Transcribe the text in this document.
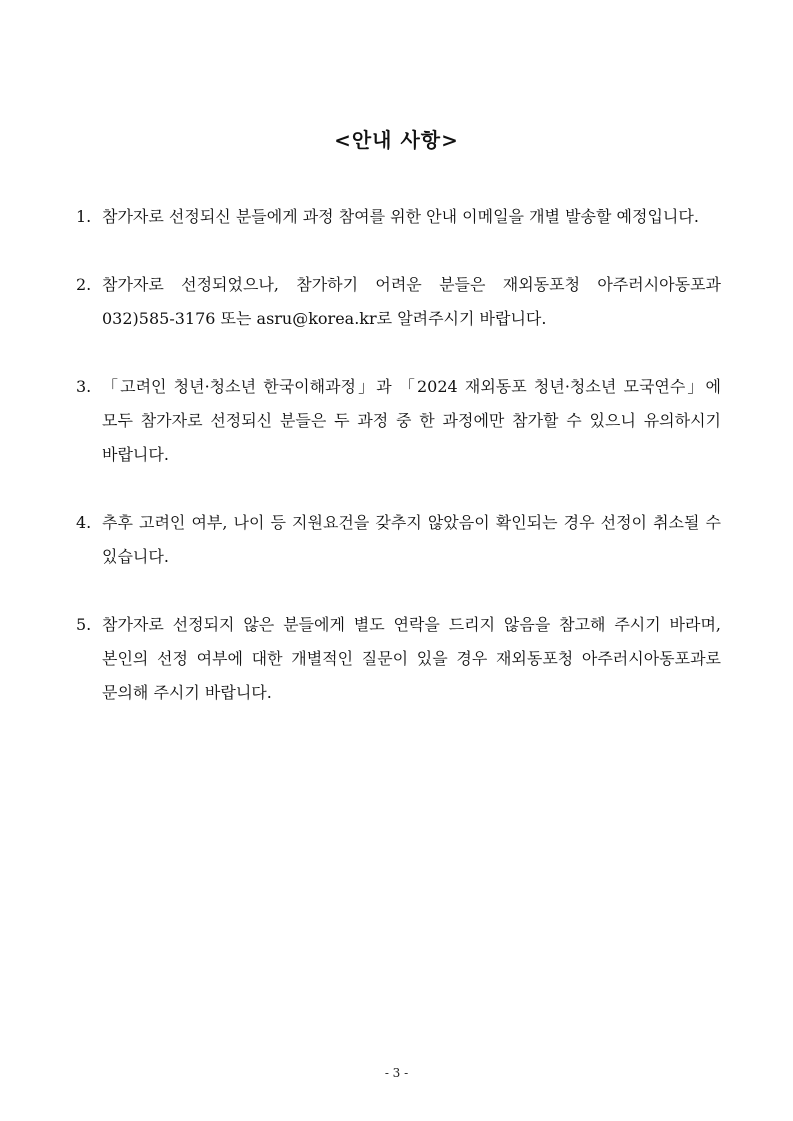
<안내 사항>
1. 참가자로 선정되신 분들에게 과정 참여를 위한 안내 이메일을 개별 발송할 예정입니다.
2. 참가자로 선정되었으나, 참가하기 어려운 분들은 재외동포청 아주러시아동포과 032)585-3176 또는 asru@korea.kr로 알려주시기 바랍니다.
3. 「고려인 청년·청소년 한국이해과정」과 「2024 재외동포 청년·청소년 모국연수」에 모두 참가자로 선정되신 분들은 두 과정 중 한 과정에만 참가할 수 있으니 유의하시기 바랍니다.
4. 추후 고려인 여부, 나이 등 지원요건을 갖추지 않았음이 확인되는 경우 선정이 취소될 수 있습니다.
5. 참가자로 선정되지 않은 분들에게 별도 연락을 드리지 않음을 참고해 주시기 바라며, 본인의 선정 여부에 대한 개별적인 질문이 있을 경우 재외동포청 아주러시아동포과로 문의해 주시기 바랍니다.
- 3 -
